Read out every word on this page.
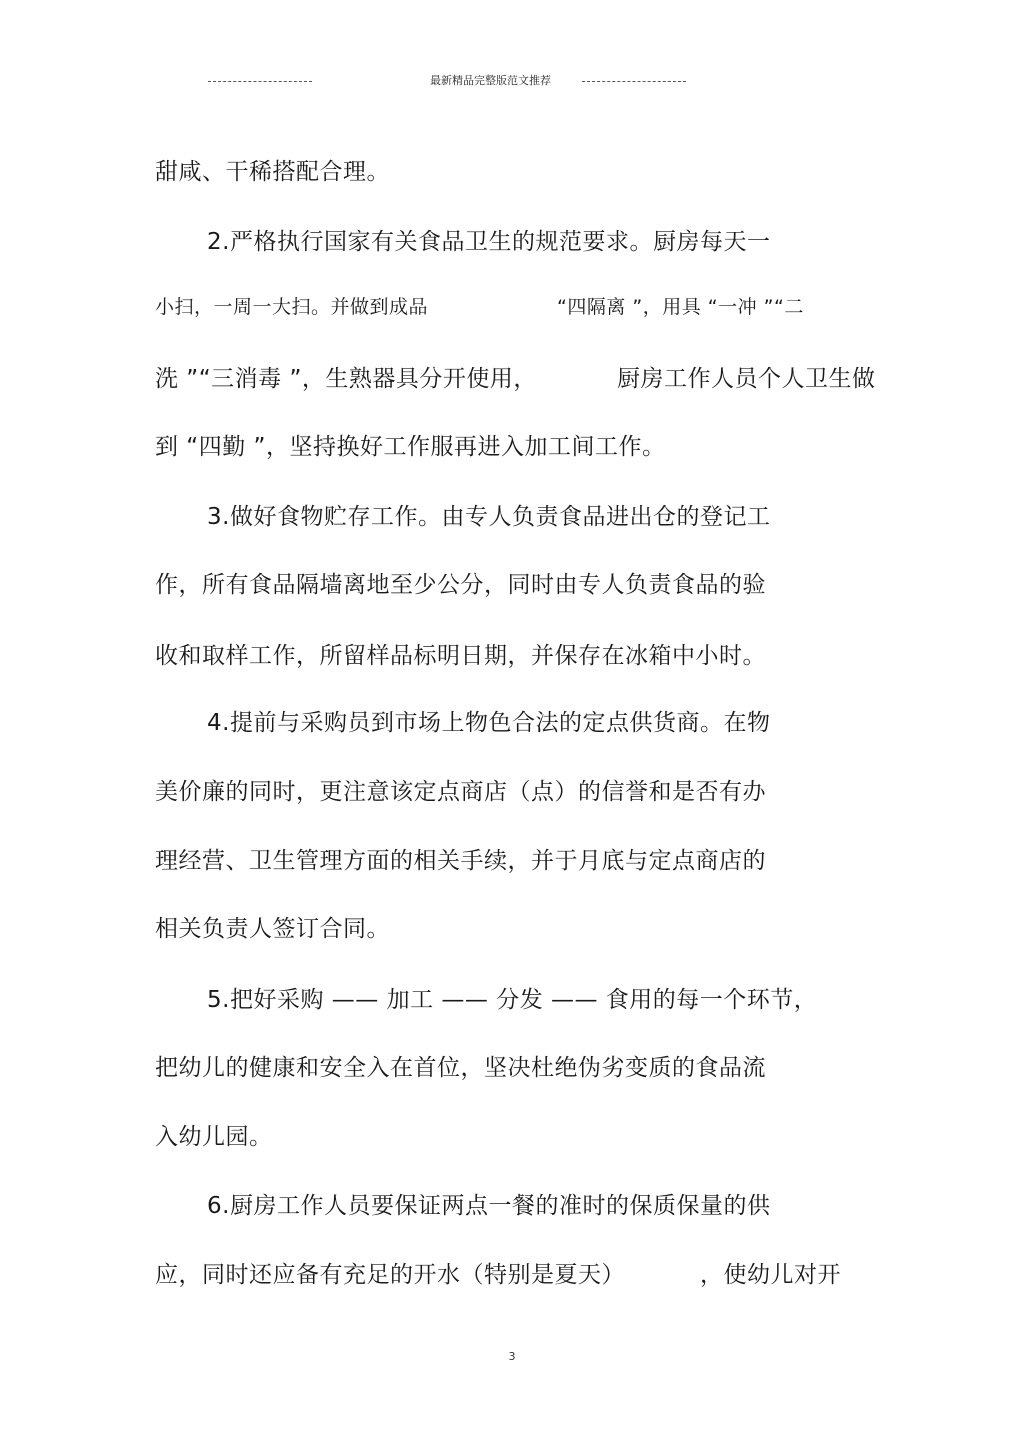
最新精品完整版范文推荐
甜咸、干稀搭配合理。
2.严格执行国家有关食品卫生的规范要求。厨房每天一
小扫，一周一大扫。并做到成品	“四隔离 ”，用具 “一冲 ”“二
洗 ”“三消毒 ”，生熟器具分开使用，	厨房工作人员个人卫生做
到 “四勤 ”，坚持换好工作服再进入加工间工作。
3.做好食物贮存工作。由专人负责食品进出仓的登记工
作，所有食品隔墙离地至少公分，同时由专人负责食品的验
收和取样工作，所留样品标明日期，并保存在冰箱中小时。
4.提前与采购员到市场上物色合法的定点供货商。在物
美价廉的同时，更注意该定点商店（点）的信誉和是否有办
理经营、卫生管理方面的相关手续，并于月底与定点商店的
相关负责人签订合同。
5.把好采购 —— 加工 —— 分发 —— 食用的每一个环节，
把幼儿的健康和安全入在首位，坚决杜绝伪劣变质的食品流
入幼儿园。
6.厨房工作人员要保证两点一餐的准时的保质保量的供
应，同时还应备有充足的开水（特别是夏天）	，使幼儿对开
3
